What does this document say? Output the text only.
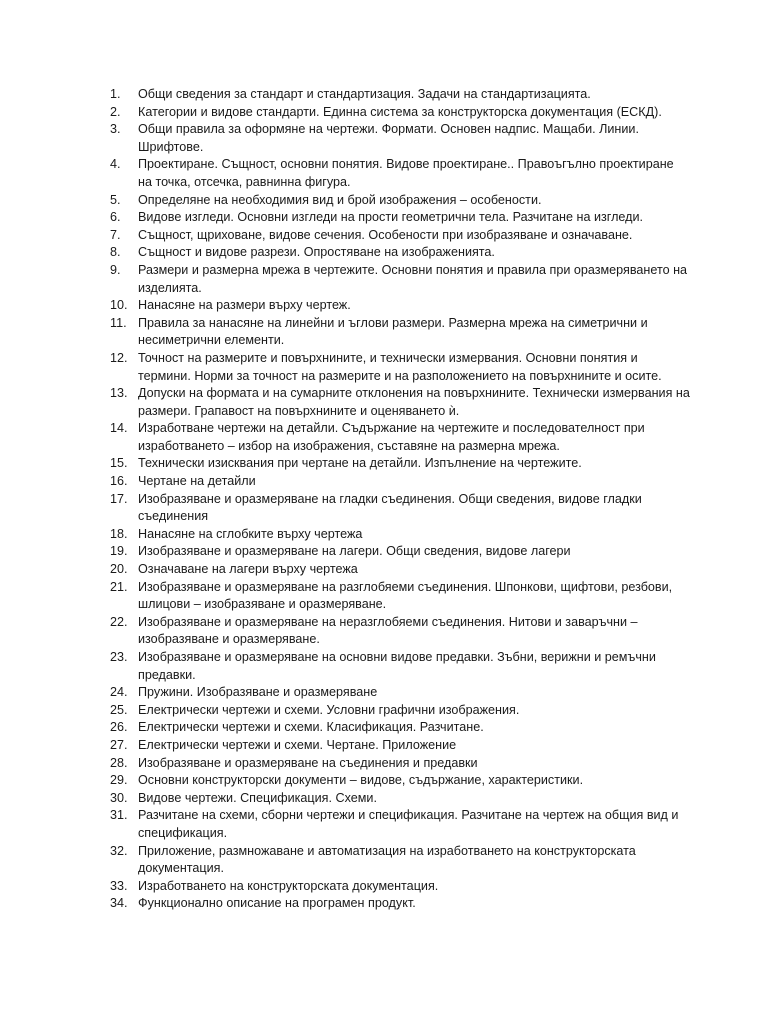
1.	Общи сведения за стандарт и стандартизация. Задачи на стандартизацията.
2.	Категории и видове стандарти. Единна система за конструкторска документация (ЕСКД).
3.	Общи правила за оформяне на чертежи. Формати. Основен надпис. Мащаби. Линии. Шрифтове.
4.	Проектиране. Същност, основни понятия. Видове проектиране.. Правоъгълно проектиране на точка, отсечка, равнинна фигура.
5.	Определяне на необходимия вид и брой изображения – особености.
6.	Видове изгледи. Основни изгледи на прости геометрични тела. Разчитане на изгледи.
7.	Същност, щриховане, видове сечения. Особености при изобразяване и означаване.
8.	Същност и видове разрези. Опростяване на изображенията.
9.	Размери и размерна мрежа в чертежите. Основни понятия и правила при оразмеряването на изделията.
10. Нанасяне на размери върху чертеж.
11. Правила за нанасяне на линейни и ъглови размери. Размерна мрежа на симетрични и несиметрични елементи.
12. Точност на размерите и повърхнините, и технически измервания. Основни понятия и термини. Норми за точност на размерите и на разположението на повърхнините и осите.
13. Допуски на формата и на сумарните отклонения на повърхнините. Технически измервания на размери. Грапавост на повърхнините и оценяването ѝ.
14. Изработване чертежи на детайли. Съдържание на чертежите и последователност при изработването – избор на изображения, съставяне на размерна мрежа.
15. Технически изисквания при чертане на детайли. Изпълнение на чертежите.
16. Чертане на детайли
17. Изобразяване и оразмеряване на гладки съединения. Общи сведения, видове гладки съединения
18. Нанасяне на сглобките върху чертежа
19. Изобразяване и оразмеряване на лагери. Общи сведения, видове лагери
20. Означаване на лагери върху чертежа
21. Изобразяване и оразмеряване на разглобяеми съединения. Шпонкови, щифтови, резбови, шлицови – изобразяване и оразмеряване.
22. Изобразяване и оразмеряване на неразглобяеми съединения. Нитови и заваръчни – изобразяване и оразмеряване.
23. Изобразяване и оразмеряване на основни видове предавки. Зъбни, верижни и ремъчни предавки.
24. Пружини. Изобразяване и оразмеряване
25. Електрически чертежи и схеми. Условни графични изображения.
26. Електрически чертежи и схеми. Класификация. Разчитане.
27. Електрически чертежи и схеми. Чертане. Приложение
28. Изобразяване и оразмеряване на съединения и предавки
29. Основни конструкторски документи – видове, съдържание, характеристики.
30. Видове чертежи. Спецификация. Схеми.
31. Разчитане на схеми, сборни чертежи и спецификация. Разчитане на чертеж на общия вид и спецификация.
32. Приложение, размножаване и автоматизация на изработването на конструкторската документация.
33. Изработването на конструкторската документация.
34. Функционално описание на програмен продукт.
